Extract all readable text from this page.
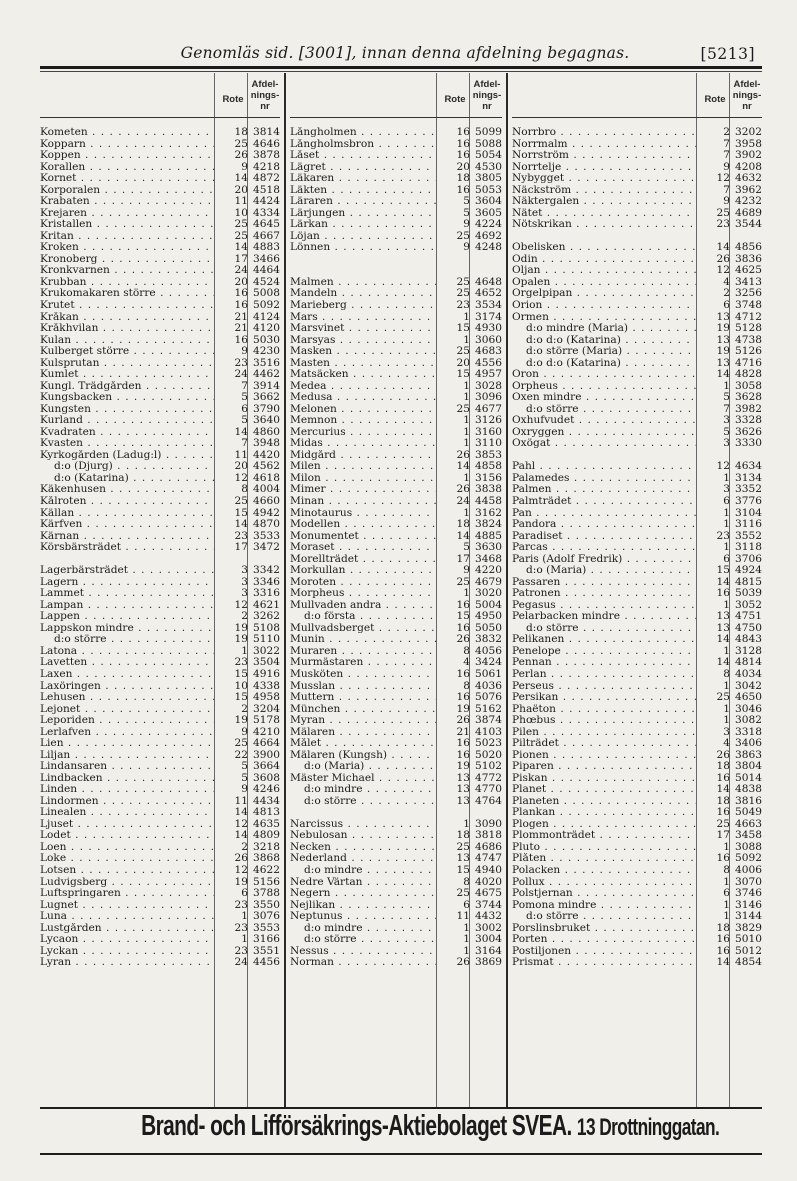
Genomläs sid. [3001], innan denna afdelning begagnas.	[5213]
Rote
Afdel-
nings-
nr
Kometen . . .	18 3814
Kopparn . . .	25 4646
Koppen . . .	26 3878
Korallen . . .	9 4218
Kornet . . .	14 4872
Korporalen . . .	20 4518
Krabaten . . .	11 4424
Krejaren . . .	10 4334
Kristallen . . .	25 4645
Kritan . . .	25 4667
Kroken . . .	14 4883
Kronoberg . . .	17 3466
Kronkvarnen . . .	24 4464
Krubban . . .	20 4524
Krukomakaren större . . .	16 5008
Krutet . . .	16 5092
Kråkan . . .	21 4124
Kråkhvilan . . .	21 4120
Kulan . . .	16 5030
Kulberget större . . .	9 4230
Kulsprutan . . .	23 3516
Kumlet . . .	24 4462
Kungl. Trädgården . . .	7 3914
Kungsbacken . . .	5 3662
Kungsten . . .	6 3790
Kurland . . .	5 3640
Kvadraten . . .	14 4860
Kvasten . . .	7 3948
Kyrkogården (Ladug:l) . . .	11 4420
d:o (Djurg) . . .	20 4562
d:o (Katarina) . . .	12 4618
Käkenhusen . . .	8 4004
Kålroten . . .	25 4660
Källan . . .	15 4942
Kärfven . . .	14 4870
Kärnan . . .	23 3533
Körsbärsträdet . . .	17 3472
Lagerbärsträdet . . .	3 3342
Lagern . . .	3 3346
Lammet . . .	3 3316
Lampan . . .	12 4621
Lappen . . .	2 3262
Lappskon mindre . . .	19 5108
d:o större . . .	19 5110
Latona . . .	1 3022
Lavetten . . .	23 3504
Laxen . . .	15 4916
Laxöringen . . .	10 4338
Lehusen . . .	15 4958
Lejonet . . .	2 3204
Leporiden . . .	19 5178
Lerlafven . . .	9 4210
Lien . . .	25 4664
Liljan . . .	22 3900
Lindansaren . . .	5 3664
Lindbacken . . .	5 3608
Linden . . .	9 4246
Lindormen . . .	11 4434
Linealen . . .	14 4813
Ljuset . . .	12 4635
Lodet . . .	14 4809
Loen . . .	2 3218
Loke . . .	26 3868
Lotsen . . .	12 4622
Ludvigsberg . . .	19 5156
Luftspringaren . . .	6 3788
Lugnet . . .	23 3550
Luna . . .	1 3076
Lustgården . . .	23 3553
Lycaon . . .	1 3166
Lyckan . . .	23 3551
Lyran . . .	24 4456
Rote
Afdel-
nings-
nr
Långholmen . . .	16 5099
Långholmsbron . . .	16 5088
Låset . . .	16 5054
Lägret . . .	20 4530
Läkaren . . .	18 3805
Läkten . . .	16 5053
Läraren . . .	5 3604
Lärjungen . . .	5 3605
Lärkan . . .	9 4224
Löjan . . .	25 4692
Lönnen . . .	9 4248
Malmen . . .	25 4648
Mandeln . . .	25 4652
Marieberg . . .	23 3534
Mars . . .	1 3174
Marsvinet . . .	15 4930
Marsyas . . .	1 3060
Masken . . .	25 4683
Masten . . .	20 4556
Matsäcken . . .	15 4957
Medea . . .	1 3028
Medusa . . .	1 3096
Melonen . . .	25 4677
Memnon . . .	1 3126
Mercurius . . .	1 3160
Midas . . .	1 3110
Midgård . . .	26 3853
Milen . . .	14 4858
Milon . . .	1 3156
Mimer . . .	26 3838
Minan . . .	24 4458
Minotaurus . . .	1 3162
Modellen . . .	18 3824
Monumentet . . .	14 4885
Moraset . . .	5 3630
Morellträdet . . .	17 3468
Morkullan . . .	9 4220
Moroten . . .	25 4679
Morpheus . . .	1 3020
Mullvaden andra . . .	16 5004
d:o första . . .	15 4950
Mullvadsberget . . .	16 5050
Munin . . .	26 3832
Muraren . . .	8 4056
Murmästaren . . .	4 3424
Musköten . . .	16 5061
Musslan . . .	8 4036
Muttern . . .	16 5076
München . . .	19 5162
Myran . . .	26 3874
Mälaren . . .	21 4103
Målet . . .	16 5023
Mälaren (Kungsh) . . .	16 5020
d:o (Maria) . . .	19 5102
Mäster Michael . . .	13 4772
d:o mindre . . .	13 4770
d:o större . . .	13 4764
Narcissus . . .	1 3090
Nebulosan . . .	18 3818
Necken . . .	25 4686
Nederland . . .	13 4747
d:o mindre . . .	15 4940
Nedre Värtan . . .	8 4020
Negern . . .	25 4675
Nejlikan . . .	6 3744
Neptunus . . .	11 4432
d:o mindre . . .	1 3002
d:o större . . .	1 3004
Nessus . . .	1 3164
Norman . . .	26 3869
Rote
Afdel-
nings-
nr
Norrbro . . .	2 3202
Norrmalm . . .	7 3958
Norrström . . .	7 3902
Norrtelje . . .	9 4208
Nybygget . . .	12 4632
Näckström . . .	7 3962
Näktergalen . . .	9 4232
Nätet . . .	25 4689
Nötskrikan . . .	23 3544
Obelisken . . .	14 4856
Odin . . .	26 3836
Oljan . . .	12 4625
Opalen . . .	4 3413
Orgelpipan . . .	2 3256
Orion . . .	6 3748
Ormen . . .	13 4712
d:o mindre (Maria) . . .	19 5128
d:o d:o (Katarina) . . .	13 4738
d:o större (Maria) . . .	19 5126
d:o d:o (Katarina) . . .	13 4716
Oron . . .	14 4828
Orpheus . . .	1 3058
Oxen mindre . . .	5 3628
d:o större . . .	7 3982
Oxhufvudet . . .	3 3328
Oxryggen . . .	5 3626
Oxögat . . .	3 3330
Pahl . . .	12 4634
Palamedes . . .	1 3134
Palmen . . .	3 3352
Palmträdet . . .	6 3776
Pan . . .	1 3104
Pandora . . .	1 3116
Paradiset . . .	23 3552
Parcas . . .	1 3118
Paris (Adolf Fredrik) . . .	6 3706
d:o (Maria) . . .	15 4924
Passaren . . .	14 4815
Patronen . . .	16 5039
Pegasus . . .	1 3052
Pelarbacken mindre . . .	13 4751
d:o större . . .	13 4750
Pelikanen . . .	14 4843
Penelope . . .	1 3128
Pennan . . .	14 4814
Perlan . . .	8 4034
Perseus . . .	1 3042
Persikan . . .	25 4650
Phaëton . . .	1 3046
Phœbus . . .	1 3082
Pilen . . .	3 3318
Pilträdet . . .	4 3406
Pionen . . .	26 3863
Piparen . . .	18 3804
Piskan . . .	16 5014
Planet . . .	14 4838
Planeten . . .	18 3816
Plankan . . .	16 5049
Plogen . . .	25 4663
Plommonträdet . . .	17 3458
Pluto . . .	1 3088
Plåten . . .	16 5092
Polacken . . .	8 4006
Pollux . . .	1 3070
Polstjernan . . .	6 3746
Pomona mindre . . .	1 3146
d:o större . . .	1 3144
Porslinsbruket . . .	18 3829
Porten . . .	16 5010
Postiljonen . . .	16 5012
Prismat . . .	14 4854
Brand- och Lifförsäkrings-Aktiebolaget SVEA. 13 Drottninggatan.
